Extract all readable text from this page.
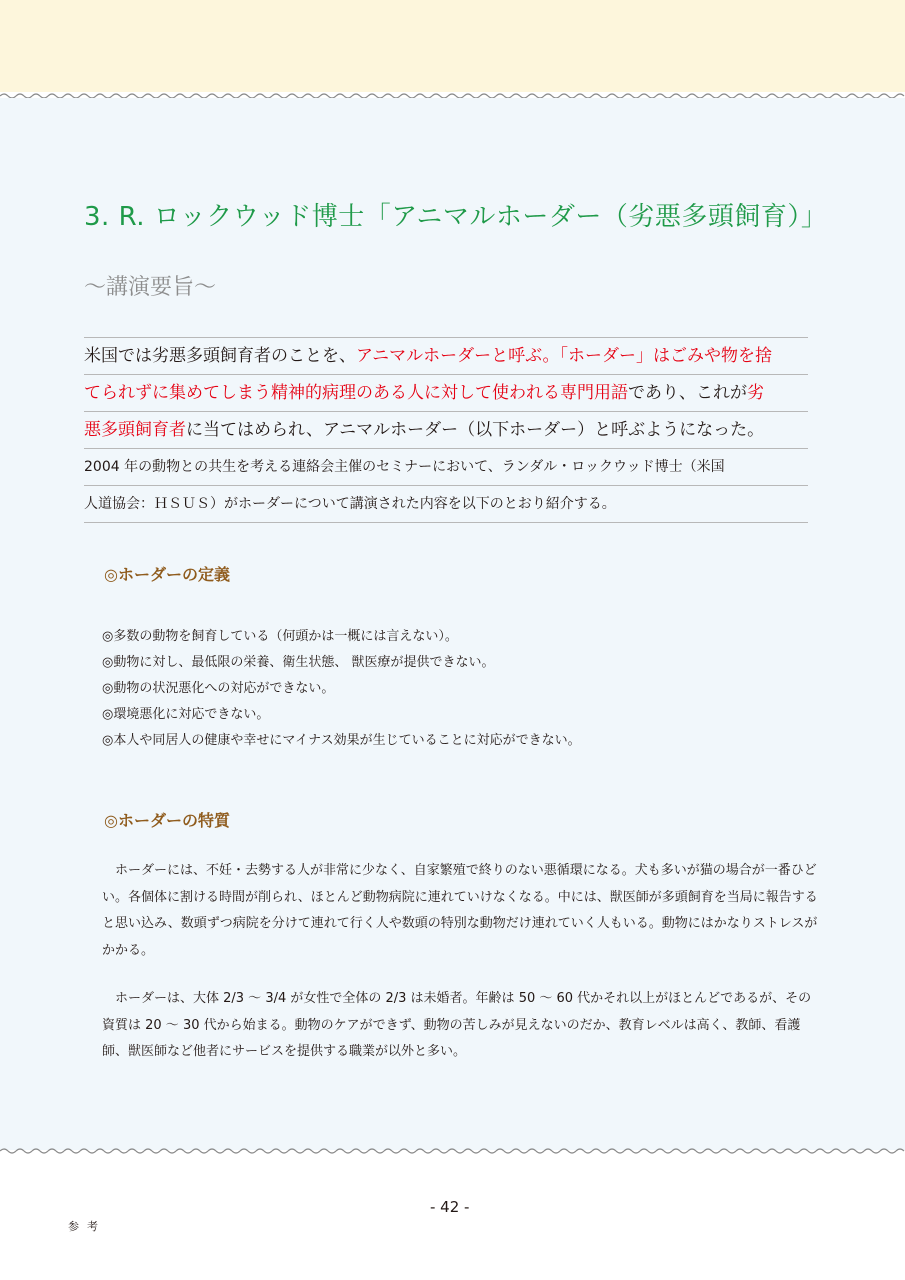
3. R. ロックウッド博士「アニマルホーダー（劣悪多頭飼育）」
〜講演要旨〜
米国では劣悪多頭飼育者のことを、アニマルホーダーと呼ぶ。「ホーダー」はごみや物を捨
てられずに集めてしまう精神的病理のある人に対して使われる専門用語であり、これが劣
悪多頭飼育者に当てはめられ、アニマルホーダー（以下ホーダー）と呼ぶようになった。
2004 年の動物との共生を考える連絡会主催のセミナーにおいて、ランダル・ロックウッド博士（米国
人道協会：ＨＳＵＳ）がホーダーについて講演された内容を以下のとおり紹介する。
◎ホーダーの定義
◎多数の動物を飼育している（何頭かは一概には言えない）。
◎動物に対し、最低限の栄養、衛生状態、 獣医療が提供できない。
◎動物の状況悪化への対応ができない。
◎環境悪化に対応できない。
◎本人や同居人の健康や幸せにマイナス効果が生じていることに対応ができない。
◎ホーダーの特質

　ホーダーには、不妊・去勢する人が非常に少なく、自家繁殖で終りのない悪循環になる。犬も多いが猫の場合が一番ひどい。各個体に割ける時間が削られ、ほとんど動物病院に連れていけなくなる。中には、獣医師が多頭飼育を当局に報告すると思い込み、数頭ずつ病院を分けて連れて行く人や数頭の特別な動物だけ連れていく人もいる。動物にはかなりストレスがかかる。

　ホーダーは、大体 2/3 〜 3/4 が女性で全体の 2/3 は未婚者。年齢は 50 〜 60 代かそれ以上がほとんどであるが、その資質は 20 〜 30 代から始まる。動物のケアができず、動物の苦しみが見えないのだか、教育レベルは高く、教師、看護師、獣医師など他者にサービスを提供する職業が以外と多い。

- 42 -
参考
